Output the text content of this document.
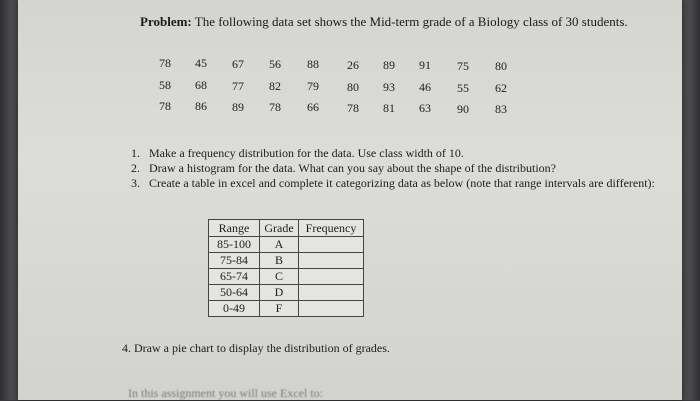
Problem: The following data set shows the Mid-term grade of a Biology class of 30 students.
78	45	67	56	88	26	89	91	75	80
58	68	77	82	79	80	93	46	55	62
78	86	89	78	66	78	81	63	90	83
1. Make a frequency distribution for the data. Use class width of 10.
2. Draw a histogram for the data. What can you say about the shape of the distribution?
3. Create a table in excel and complete it categorizing data as below (note that range intervals are different):
Range	Grade	Frequency
85-100	A	
75-84	B	
65-74	C	
50-64	D	
0-49	F	
4. Draw a pie chart to display the distribution of grades.
In this assignment you will use Excel to:
